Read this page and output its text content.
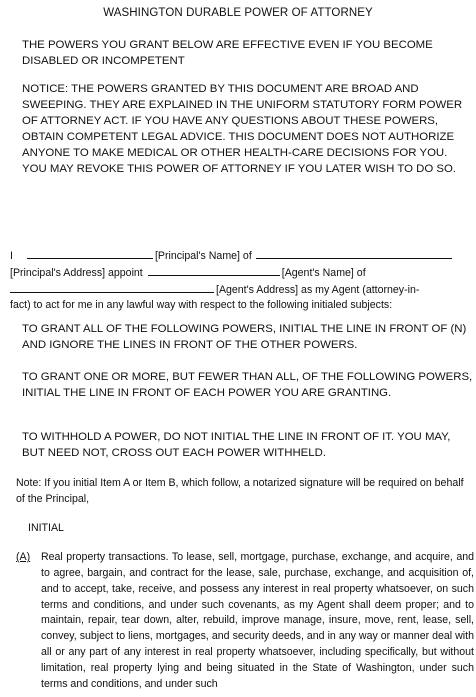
WASHINGTON DURABLE POWER OF ATTORNEY

THE POWERS YOU GRANT BELOW ARE EFFECTIVE EVEN IF YOU BECOME DISABLED OR INCOMPETENT

NOTICE: THE POWERS GRANTED BY THIS DOCUMENT ARE BROAD AND SWEEPING. THEY ARE EXPLAINED IN THE UNIFORM STATUTORY FORM POWER OF ATTORNEY ACT. IF YOU HAVE ANY QUESTIONS ABOUT THESE POWERS, OBTAIN COMPETENT LEGAL ADVICE. THIS DOCUMENT DOES NOT AUTHORIZE ANYONE TO MAKE MEDICAL OR OTHER HEALTH-CARE DECISIONS FOR YOU. YOU MAY REVOKE THIS POWER OF ATTORNEY IF YOU LATER WISH TO DO SO.

I	[Principal's Name] of
[Principal's Address] appoint	[Agent's Name] of
[Agent's Address] as my Agent (attorney-in-
fact) to act for me in any lawful way with respect to the following initialed subjects:

TO GRANT ALL OF THE FOLLOWING POWERS, INITIAL THE LINE IN FRONT OF (N) AND IGNORE THE LINES IN FRONT OF THE OTHER POWERS.

TO GRANT ONE OR MORE, BUT FEWER THAN ALL, OF THE FOLLOWING POWERS, INITIAL THE LINE IN FRONT OF EACH POWER YOU ARE GRANTING.

TO WITHHOLD A POWER, DO NOT INITIAL THE LINE IN FRONT OF IT. YOU MAY, BUT NEED NOT, CROSS OUT EACH POWER WITHHELD.

Note: If you initial Item A or Item B, which follow, a notarized signature will be required on behalf of the Principal,

INITIAL
(A) Real property transactions. To lease, sell, mortgage, purchase, exchange, and acquire, and to agree, bargain, and contract for the lease, sale, purchase, exchange, and acquisition of, and to accept, take, receive, and possess any interest in real property whatsoever, on such terms and conditions, and under such covenants, as my Agent shall deem proper; and to maintain, repair, tear down, alter, rebuild, improve manage, insure, move, rent, lease, sell, convey, subject to liens, mortgages, and security deeds, and in any way or manner deal with all or any part of any interest in real property whatsoever, including specifically, but without limitation, real property lying and being situated in the State of Washington, under such terms and conditions, and under such
